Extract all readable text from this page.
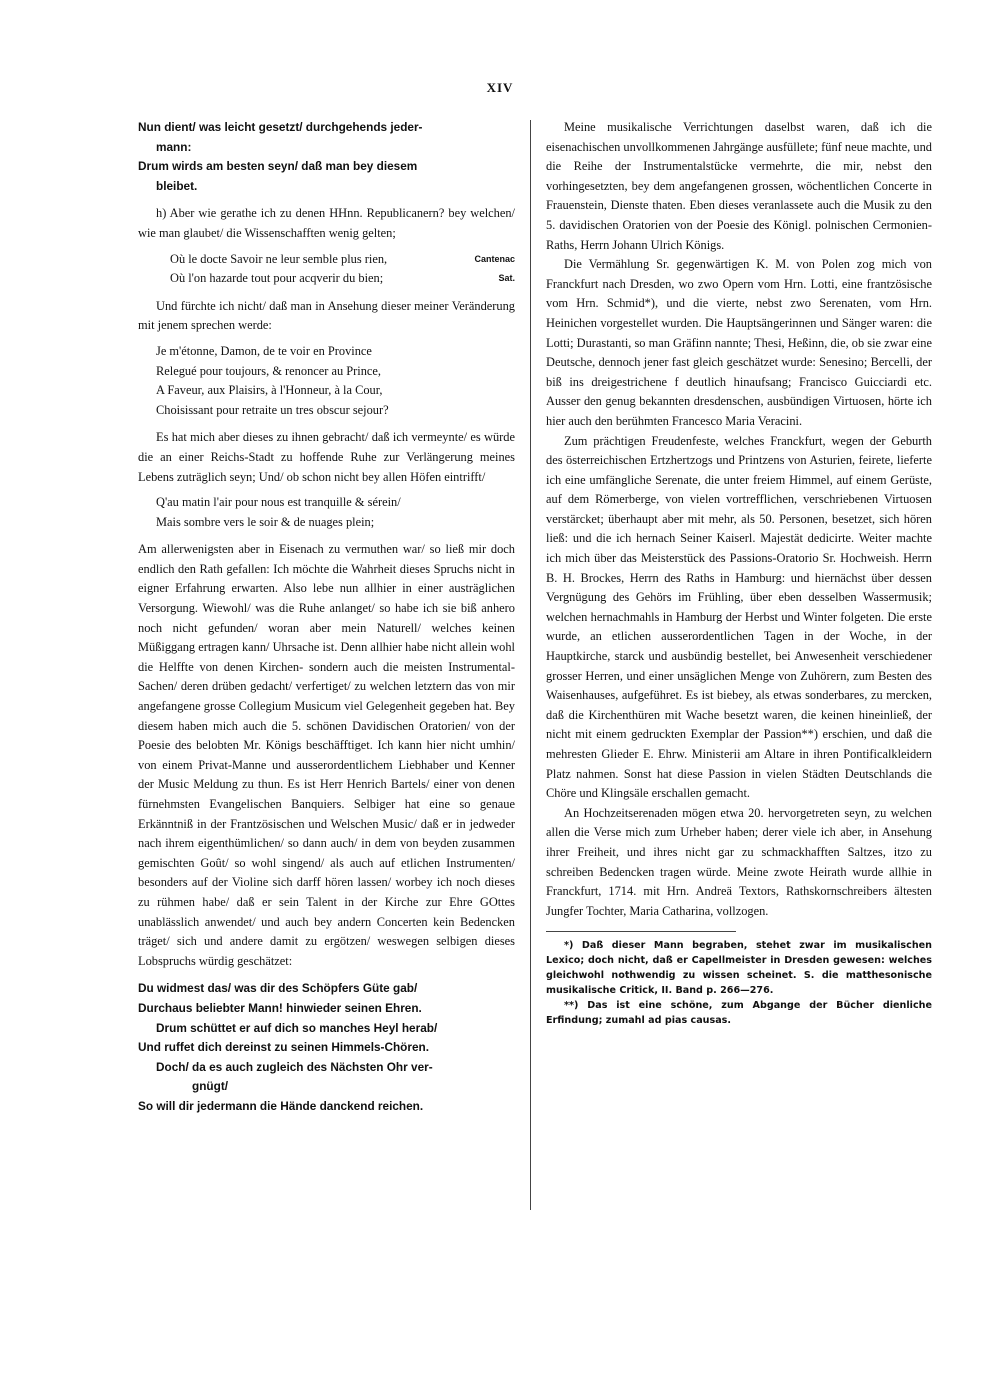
XIV

Nun dient/ was leicht gesetzt/ durchgehends jeder-

mann:

Drum wirds am besten seyn/ daß man bey diesem

bleibet.

h) Aber wie gerathe ich zu denen HHnn. Republicanern? bey welchen/ wie man glaubet/ die Wissenschafften wenig gelten;

Où le docte Savoir ne leur semble plus rien,	Cantenac
Où l'on hazarde tout pour acqverir du bien;	Sat.

Und fürchte ich nicht/ daß man in Ansehung dieser meiner Veränderung mit jenem sprechen werde:

Je m'étonne, Damon, de te voir en Province

Relegué pour toujours, & renoncer au Prince,

A Faveur, aux Plaisirs, à l'Honneur, à la Cour,

Choisissant pour retraite un tres obscur sejour?

Es hat mich aber dieses zu ihnen gebracht/ daß ich vermeynte/ es würde die an einer Reichs-Stadt zu hoffende Ruhe zur Verlängerung meines Lebens zuträglich seyn; Und/ ob schon nicht bey allen Höfen eintrifft/

Q'au matin l'air pour nous est tranquille & sérein/

Mais sombre vers le soir & de nuages plein;

Am allerwenigsten aber in Eisenach zu vermuthen war/ so ließ mir doch endlich den Rath gefallen: Ich möchte die Wahrheit dieses Spruchs nicht in eigner Erfahrung erwarten. Also lebe nun allhier in einer austräglichen Versorgung. Wiewohl/ was die Ruhe anlanget/ so habe ich sie biß anhero noch nicht gefunden/ woran aber mein Naturell/ welches keinen Müßiggang ertragen kann/ Uhrsache ist. Denn allhier habe nicht allein wohl die Helffte von denen Kirchen- sondern auch die meisten Instrumental-Sachen/ deren drüben gedacht/ verfertiget/ zu welchen letztern das von mir angefangene grosse Collegium Musicum viel Gelegenheit gegeben hat. Bey diesem haben mich auch die 5. schönen Davidischen Oratorien/ von der Poesie des belobten Mr. Königs beschäfftiget. Ich kann hier nicht umhin/ von einem Privat-Manne und ausserordentlichem Liebhaber und Kenner der Music Meldung zu thun. Es ist Herr Henrich Bartels/ einer von denen fürnehmsten Evangelischen Banquiers. Selbiger hat eine so genaue Erkänntniß in der Frantzösischen und Welschen Music/ daß er in jedweder nach ihrem eigenthümlichen/ so dann auch/ in dem von beyden zusammen gemischten Goût/ so wohl singend/ als auch auf etlichen Instrumenten/ besonders auf der Violine sich darff hören lassen/ worbey ich noch dieses zu rühmen habe/ daß er sein Talent in der Kirche zur Ehre GOttes unablässlich anwendet/ und auch bey andern Concerten kein Bedencken träget/ sich und andere damit zu ergötzen/ weswegen selbigen dieses Lobspruchs würdig geschätzet:

Du widmest das/ was dir des Schöpfers Güte gab/

Durchaus beliebter Mann! hinwieder seinen Ehren.

Drum schüttet er auf dich so manches Heyl herab/

Und ruffet dich dereinst zu seinen Himmels-Chören.

Doch/ da es auch zugleich des Nächsten Ohr ver-

gnügt/

So will dir jedermann die Hände danckend reichen.

Meine musikalische Verrichtungen daselbst waren, daß ich die eisenachischen unvollkommenen Jahrgänge ausfüllete; fünf neue machte, und die Reihe der Instrumentalstücke vermehrte, die mir, nebst den vorhingesetzten, bey dem angefangenen grossen, wöchentlichen Concerte in Frauenstein, Dienste thaten. Eben dieses veranlassete auch die Musik zu den 5. davidischen Oratorien von der Poesie des Königl. polnischen Cermonien-Raths, Herrn Johann Ulrich Königs.

Die Vermählung Sr. gegenwärtigen K. M. von Polen zog mich von Franckfurt nach Dresden, wo zwo Opern vom Hrn. Lotti, eine frantzösische vom Hrn. Schmid*), und die vierte, nebst zwo Serenaten, vom Hrn. Heinichen vorgestellet wurden. Die Hauptsängerinnen und Sänger waren: die Lotti; Durastanti, so man Gräfinn nannte; Thesi, Heßinn, die, ob sie zwar eine Deutsche, dennoch jener fast gleich geschätzet wurde: Senesino; Bercelli, der biß ins dreigestrichene f deutlich hinaufsang; Francisco Guicciardi etc. Ausser den genug bekannten dresdenschen, ausbündigen Virtuosen, hörte ich hier auch den berühmten Francesco Maria Veracini.

Zum prächtigen Freudenfeste, welches Franckfurt, wegen der Geburth des österreichischen Ertzhertzogs und Printzens von Asturien, feirete, lieferte ich eine umfängliche Serenate, die unter freiem Himmel, auf einem Gerüste, auf dem Römerberge, von vielen vortrefflichen, verschriebenen Virtuosen verstärcket; überhaupt aber mit mehr, als 50. Personen, besetzet, sich hören ließ: und die ich hernach Seiner Kaiserl. Majestät dedicirte. Weiter machte ich mich über das Meisterstück des Passions-Oratorio Sr. Hochweish. Herrn B. H. Brockes, Herrn des Raths in Hamburg: und hiernächst über dessen Vergnügung des Gehörs im Frühling, über eben desselben Wassermusik; welchen hernachmahls in Hamburg der Herbst und Winter folgeten. Die erste wurde, an etlichen ausserordentlichen Tagen in der Woche, in der Hauptkirche, starck und ausbündig bestellet, bei Anwesenheit verschiedener grosser Herren, und einer unsäglichen Menge von Zuhörern, zum Besten des Waisenhauses, aufgeführet. Es ist biebey, als etwas sonderbares, zu mercken, daß die Kirchenthüren mit Wache besetzt waren, die keinen hineinließ, der nicht mit einem gedruckten Exemplar der Passion**) erschien, und daß die mehresten Glieder E. Ehrw. Ministerii am Altare in ihren Pontificalkleidern Platz nahmen. Sonst hat diese Passion in vielen Städten Deutschlands die Chöre und Klingsäle erschallen gemacht.

An Hochzeitserenaden mögen etwa 20. hervorgetreten seyn, zu welchen allen die Verse mich zum Urheber haben; derer viele ich aber, in Ansehung ihrer Freiheit, und ihres nicht gar zu schmackhafften Saltzes, itzo zu schreiben Bedencken tragen würde. Meine zwote Heirath wurde allhie in Franckfurt, 1714. mit Hrn. Andreä Textors, Rathskornschreibers ältesten Jungfer Tochter, Maria Catharina, vollzogen.

*) Daß dieser Mann begraben, stehet zwar im musikalischen Lexico; doch nicht, daß er Capellmeister in Dresden gewesen: welches gleichwohl nothwendig zu wissen scheinet. S. die matthesonische musikalische Critick, II. Band p. 266—276.

**) Das ist eine schöne, zum Abgange der Bücher dienliche Erfindung; zumahl ad pias causas.
